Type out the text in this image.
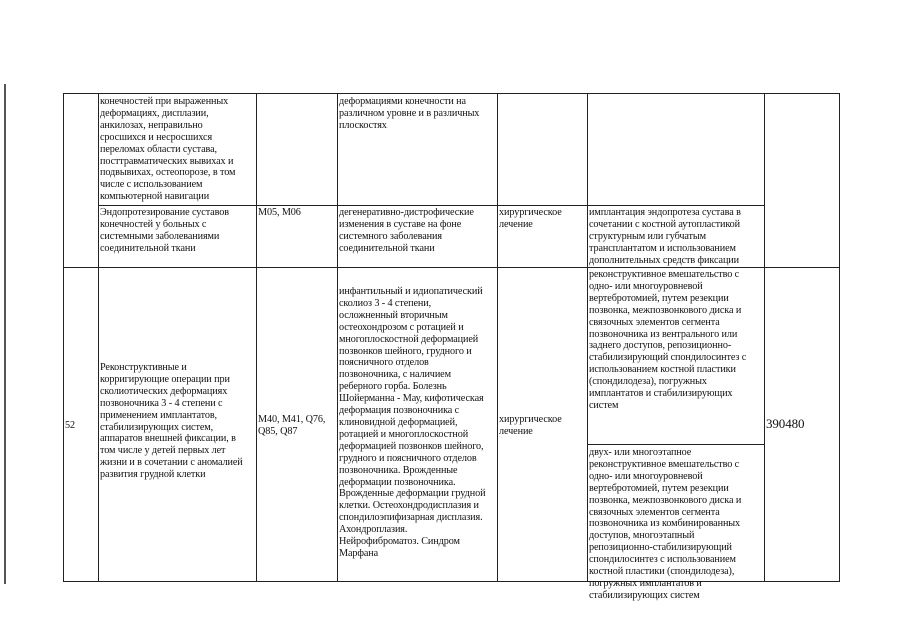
конечностей при выраженных
деформациях, дисплазии,
анкилозах, неправильно
сросшихся и несросшихся
переломах области сустава,
посттравматических вывихах и
подвывихах, остеопорозе, в том
числе с использованием
компьютерной навигации
деформациями конечности на
различном уровне и в различных
плоскостях
Эндопротезирование суставов
конечностей у больных с
системными заболеваниями
соединительной ткани
M05, M06	дегенеративно-дистрофические
изменения в суставе на фоне
системного заболевания
соединительной ткани
хирургическое
лечение
имплантация эндопротеза сустава в
сочетании с костной аутопластикой
структурным или губчатым
трансплантатом и использованием
дополнительных средств фиксации
52
Реконструктивные и
корригирующие операции при
сколиотических деформациях
позвоночника 3 - 4 степени с
применением имплантатов,
стабилизирующих систем,
аппаратов внешней фиксации, в
том числе у детей первых лет
жизни и в сочетании с аномалией
развития грудной клетки
M40, M41, Q76,
Q85, Q87
инфантильный и идиопатический
сколиоз 3 - 4 степени,
осложненный вторичным
остеохондрозом с ротацией и
многоплоскостной деформацией
позвонков шейного, грудного и
поясничного отделов
позвоночника, с наличием
реберного горба. Болезнь
Шойерманна - Мау, кифотическая
деформация позвоночника с
клиновидной деформацией,
ротацией и многоплоскостной
деформацией позвонков шейного,
грудного и поясничного отделов
позвоночника. Врожденные
деформации позвоночника.
Врожденные деформации грудной
клетки. Остеохондродисплазия и
спондилоэпифизарная дисплазия.
Ахондроплазия.
Нейрофиброматоз. Синдром
Марфана
хирургическое
лечение
реконструктивное вмешательство с
одно- или многоуровневой
вертебротомией, путем резекции
позвонка, межпозвонкового диска и
связочных элементов сегмента
позвоночника из вентрального или
заднего доступов, репозиционно-
стабилизирующий спондилосинтез с
использованием костной пластики
(спондилодеза), погружных
имплантатов и стабилизирующих
систем
двух- или многоэтапное
реконструктивное вмешательство с
одно- или многоуровневой
вертебротомией, путем резекции
позвонка, межпозвонкового диска и
связочных элементов сегмента
позвоночника из комбинированных
доступов, многоэтапный
репозиционно-стабилизирующий
спондилосинтез с использованием
костной пластики (спондилодеза),
погружных имплантатов и
стабилизирующих систем
390480
